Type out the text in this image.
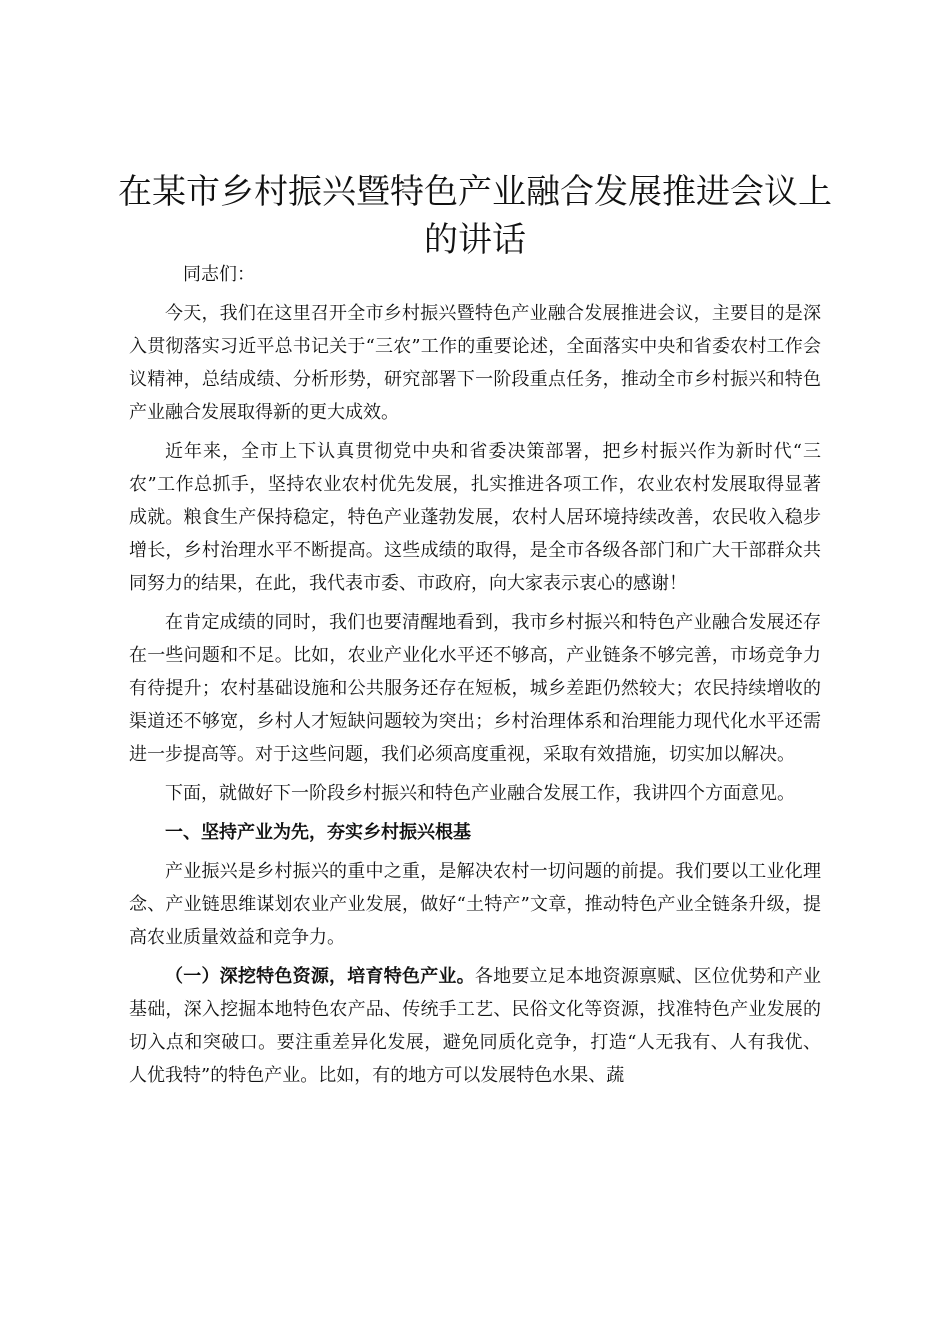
在某市乡村振兴暨特色产业融合发展推进会议上的讲话

同志们：

今天，我们在这里召开全市乡村振兴暨特色产业融合发展推进会议，主要目的是深入贯彻落实习近平总书记关于“三农”工作的重要论述，全面落实中央和省委农村工作会议精神，总结成绩、分析形势，研究部署下一阶段重点任务，推动全市乡村振兴和特色产业融合发展取得新的更大成效。

近年来，全市上下认真贯彻党中央和省委决策部署，把乡村振兴作为新时代“三农”工作总抓手，坚持农业农村优先发展，扎实推进各项工作，农业农村发展取得显著成就。粮食生产保持稳定，特色产业蓬勃发展，农村人居环境持续改善，农民收入稳步增长，乡村治理水平不断提高。这些成绩的取得，是全市各级各部门和广大干部群众共同努力的结果，在此，我代表市委、市政府，向大家表示衷心的感谢！

在肯定成绩的同时，我们也要清醒地看到，我市乡村振兴和特色产业融合发展还存在一些问题和不足。比如，农业产业化水平还不够高，产业链条不够完善，市场竞争力有待提升；农村基础设施和公共服务还存在短板，城乡差距仍然较大；农民持续增收的渠道还不够宽，乡村人才短缺问题较为突出；乡村治理体系和治理能力现代化水平还需进一步提高等。对于这些问题，我们必须高度重视，采取有效措施，切实加以解决。

下面，就做好下一阶段乡村振兴和特色产业融合发展工作，我讲四个方面意见。

一、坚持产业为先，夯实乡村振兴根基

产业振兴是乡村振兴的重中之重，是解决农村一切问题的前提。我们要以工业化理念、产业链思维谋划农业产业发展，做好“土特产”文章，推动特色产业全链条升级，提高农业质量效益和竞争力。

（一）深挖特色资源，培育特色产业。各地要立足本地资源禀赋、区位优势和产业基础，深入挖掘本地特色农产品、传统手工艺、民俗文化等资源，找准特色产业发展的切入点和突破口。要注重差异化发展，避免同质化竞争，打造“人无我有、人有我优、人优我特”的特色产业。比如，有的地方可以发展特色水果、蔬
